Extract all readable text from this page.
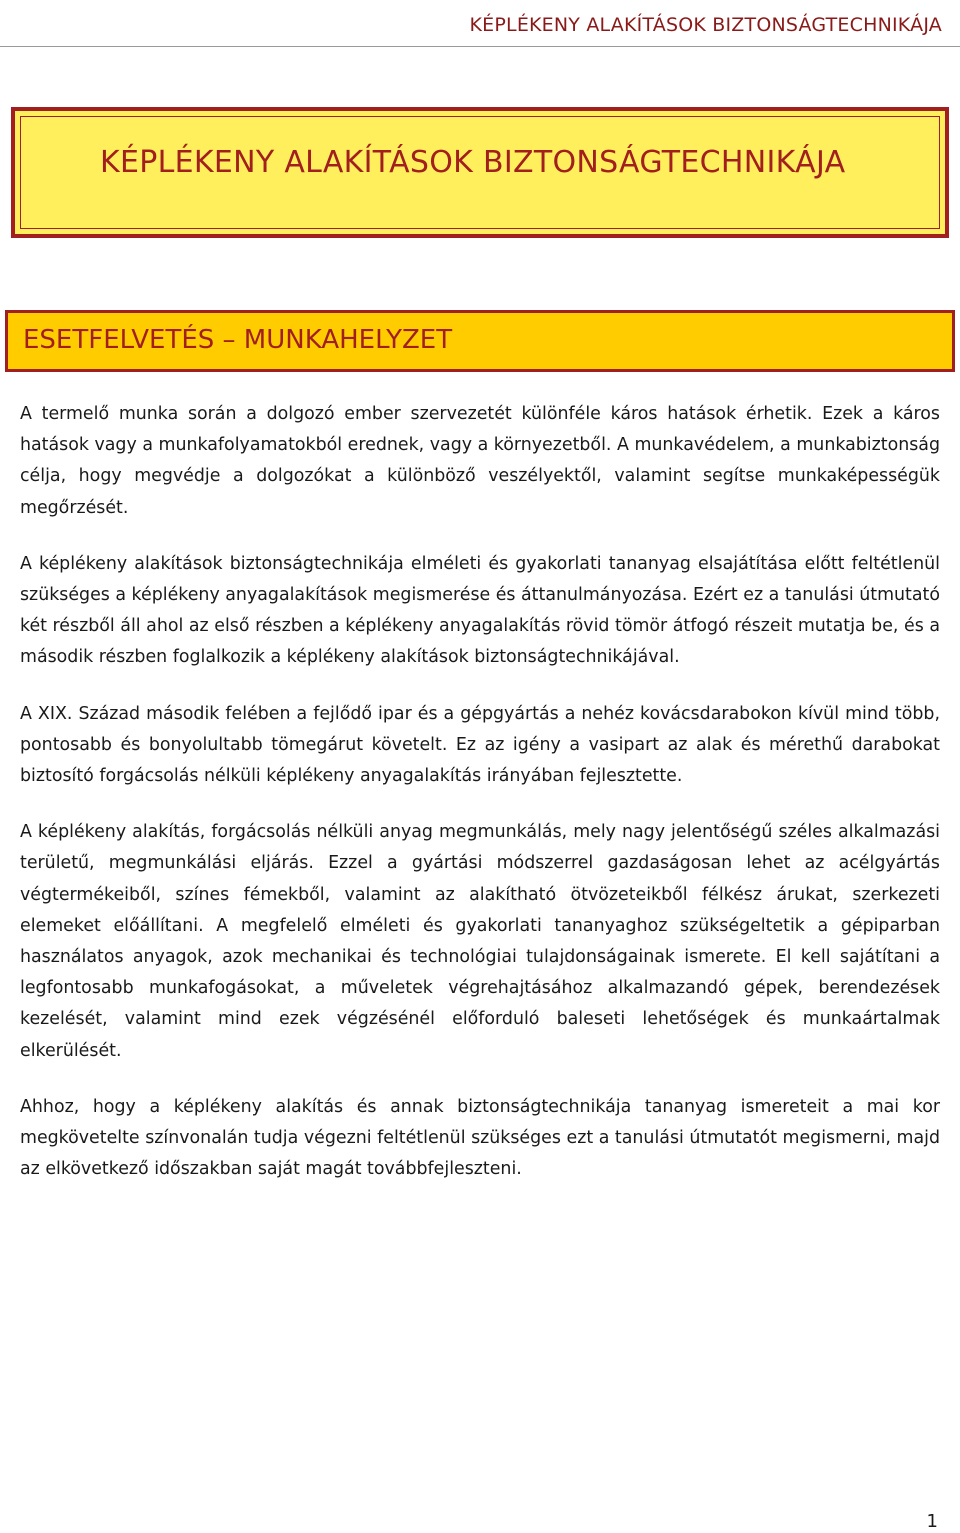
KÉPLÉKENY ALAKÍTÁSOK BIZTONSÁGTECHNIKÁJA
KÉPLÉKENY ALAKÍTÁSOK BIZTONSÁGTECHNIKÁJA
ESETFELVETÉS – MUNKAHELYZET

A termelő munka során a dolgozó ember szervezetét különféle káros hatások érhetik. Ezek a káros hatások vagy a munkafolyamatokból erednek, vagy a környezetből. A munkavédelem, a munkabiztonság célja, hogy megvédje a dolgozókat a különböző veszélyektől, valamint segítse munkaképességük megőrzését.

A képlékeny alakítások biztonságtechnikája elméleti és gyakorlati tananyag elsajátítása előtt feltétlenül szükséges a képlékeny anyagalakítások megismerése és áttanulmányozása. Ezért ez a tanulási útmutató két részből áll ahol az első részben a képlékeny anyagalakítás rövid tömör átfogó részeit mutatja be, és a második részben foglalkozik a képlékeny alakítások biztonságtechnikájával.

A XIX. Század második felében a fejlődő ipar és a gépgyártás a nehéz kovácsdarabokon kívül mind több, pontosabb és bonyolultabb tömegárut követelt. Ez az igény a vasipart az alak és mérethű darabokat biztosító forgácsolás nélküli képlékeny anyagalakítás irányában fejlesztette.

A képlékeny alakítás, forgácsolás nélküli anyag megmunkálás, mely nagy jelentőségű széles alkalmazási területű, megmunkálási eljárás. Ezzel a gyártási módszerrel gazdaságosan lehet az acélgyártás végtermékeiből, színes fémekből, valamint az alakítható ötvözeteikből félkész árukat, szerkezeti elemeket előállítani. A megfelelő elméleti és gyakorlati tananyaghoz szükségeltetik a gépiparban használatos anyagok, azok mechanikai és technológiai tulajdonságainak ismerete. El kell sajátítani a legfontosabb munkafogásokat, a műveletek végrehajtásához alkalmazandó gépek, berendezések kezelését, valamint mind ezek végzésénél előforduló baleseti lehetőségek és munkaártalmak elkerülését.

Ahhoz, hogy a képlékeny alakítás és annak biztonságtechnikája tananyag ismereteit a mai kor megkövetelte színvonalán tudja végezni feltétlenül szükséges ezt a tanulási útmutatót megismerni, majd az elkövetkező időszakban saját magát továbbfejleszteni.

1
